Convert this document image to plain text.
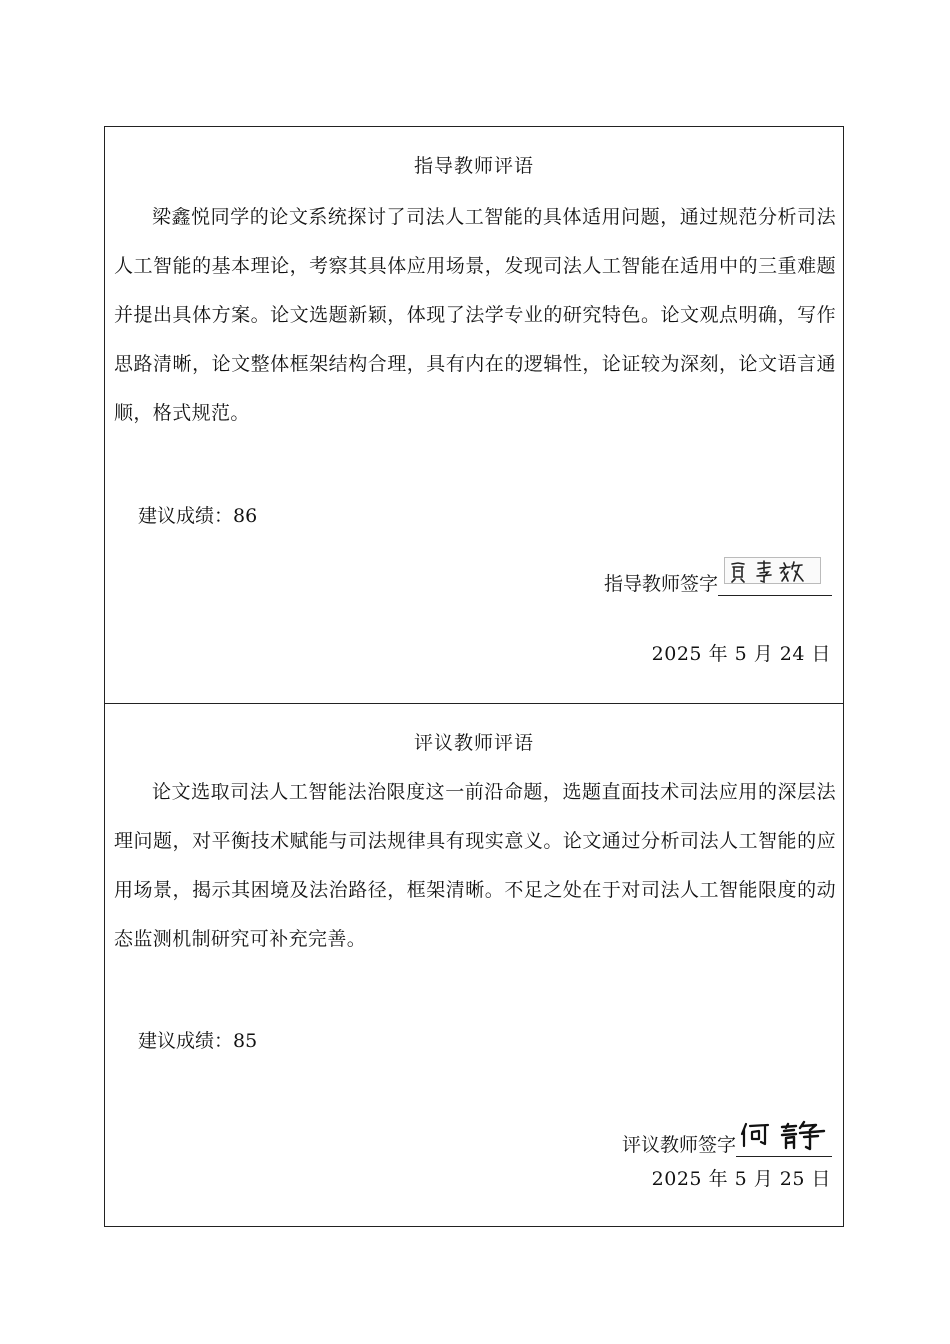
指导教师评语

梁鑫悦同学的论文系统探讨了司法人工智能的具体适用问题，通过规范分析司法人工智能的基本理论，考察其具体应用场景，发现司法人工智能在适用中的三重难题并提出具体方案。论文选题新颖，体现了法学专业的研究特色。论文观点明确，写作思路清晰，论文整体框架结构合理，具有内在的逻辑性，论证较为深刻，论文语言通顺，格式规范。

建议成绩：86
指导教师签字
2025 年 5 月 24 日
评议教师评语

论文选取司法人工智能法治限度这一前沿命题，选题直面技术司法应用的深层法理问题，对平衡技术赋能与司法规律具有现实意义。论文通过分析司法人工智能的应用场景，揭示其困境及法治路径，框架清晰。不足之处在于对司法人工智能限度的动态监测机制研究可补充完善。

建议成绩：85
评议教师签字
2025 年 5 月 25 日
